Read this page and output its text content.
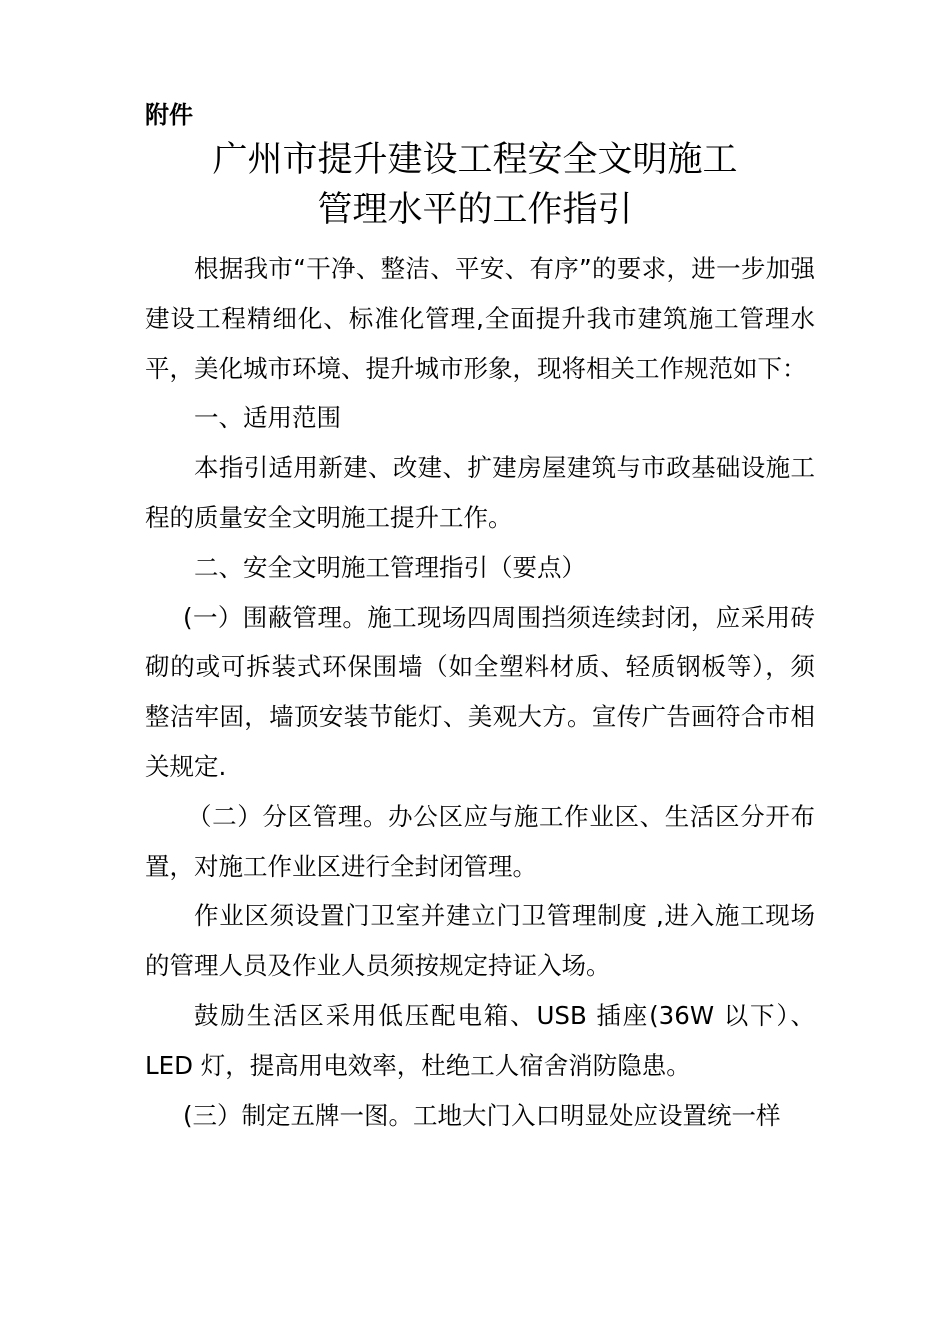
附件
广州市提升建设工程安全文明施工
管理水平的工作指引

根据我市“干净、整洁、平安、有序”的要求，进一步加强建设工程精细化、标准化管理,全面提升我市建筑施工管理水平，美化城市环境、提升城市形象，现将相关工作规范如下：

一、适用范围

本指引适用新建、改建、扩建房屋建筑与市政基础设施工程的质量安全文明施工提升工作。

二、安全文明施工管理指引（要点）

(一）围蔽管理。施工现场四周围挡须连续封闭，应采用砖砌的或可拆装式环保围墙（如全塑料材质、轻质钢板等），须整洁牢固，墙顶安装节能灯、美观大方。宣传广告画符合市相关规定.

（二）分区管理。办公区应与施工作业区、生活区分开布置，对施工作业区进行全封闭管理。

作业区须设置门卫室并建立门卫管理制度 ,进入施工现场的管理人员及作业人员须按规定持证入场。

鼓励生活区采用低压配电箱、USB 插座(36W 以下）、LED 灯，提高用电效率，杜绝工人宿舍消防隐患。

(三）制定五牌一图。工地大门入口明显处应设置统一样
